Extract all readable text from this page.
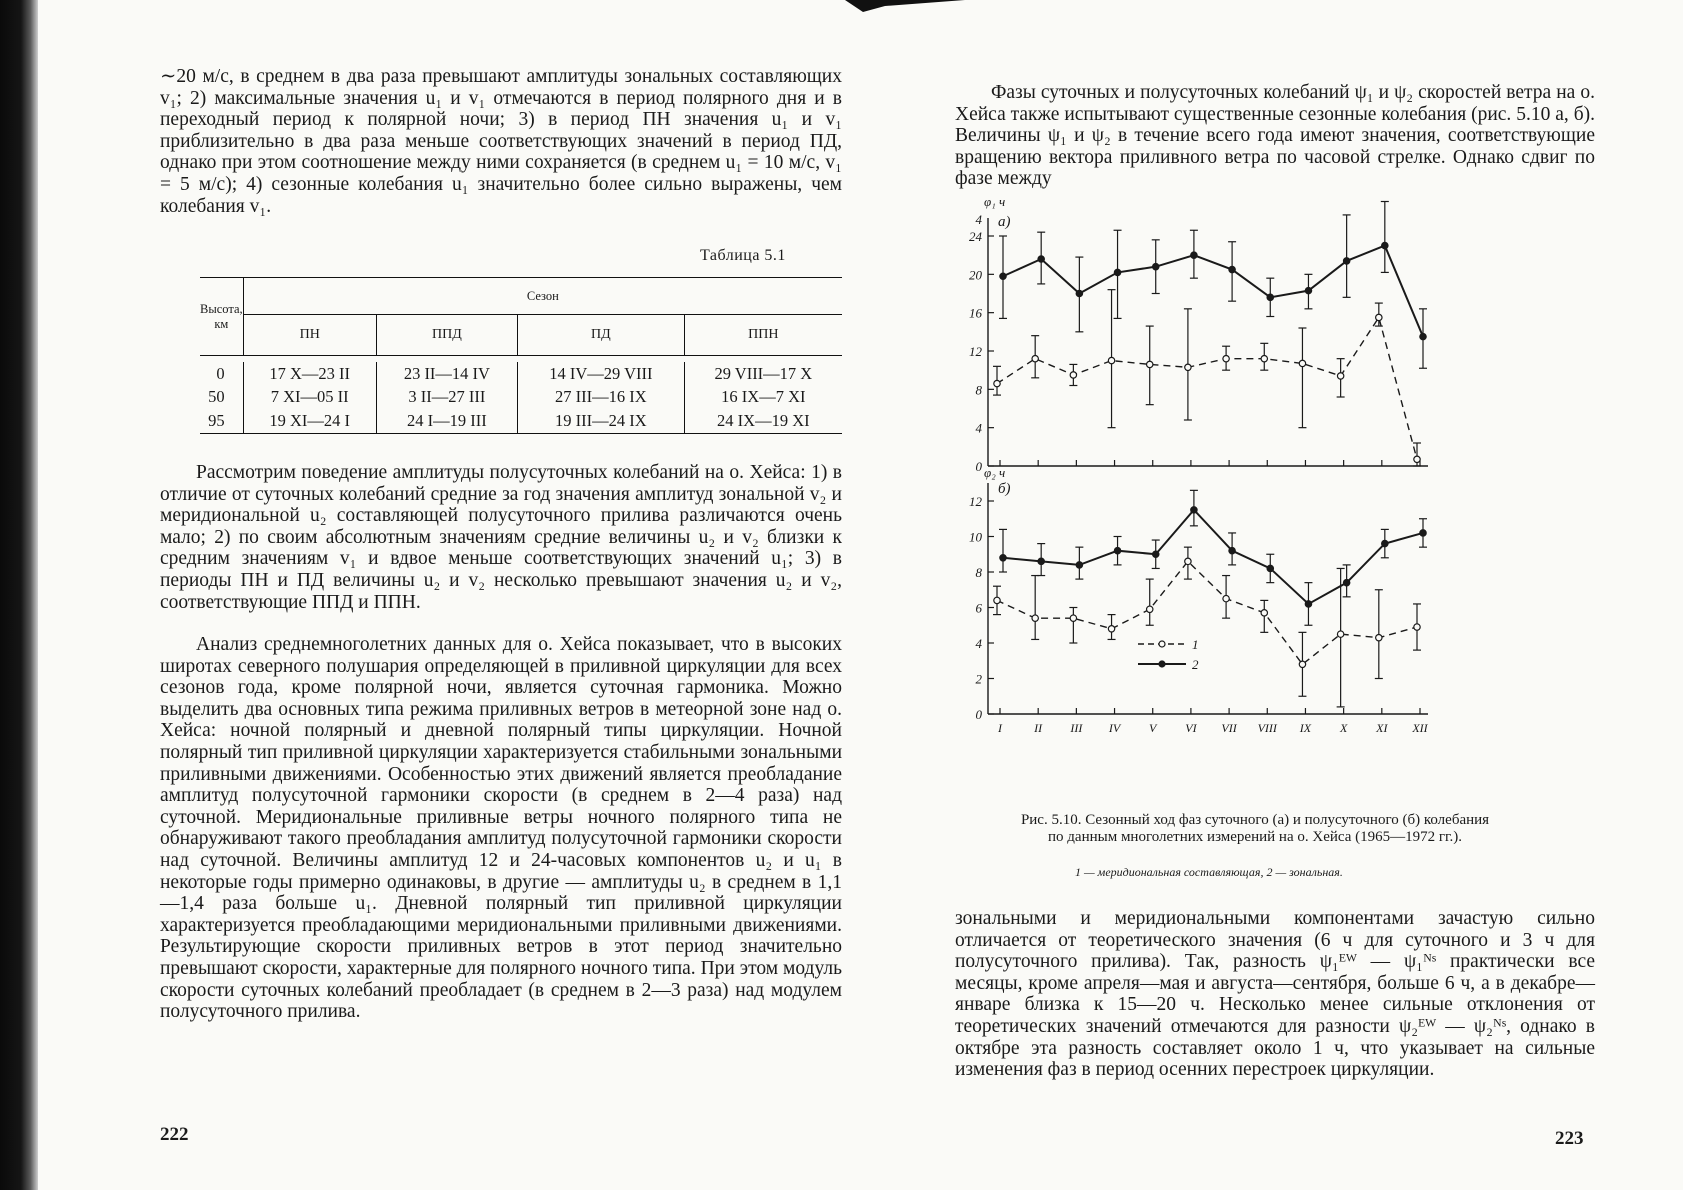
∼20 м/с, в среднем в два раза превышают амплитуды зональных составляющих v₁; 2) максимальные значения u₁ и v₁ отмечаются в период полярного дня и в переходный период к полярной ночи; 3) в период ПН значения u₁ и v₁ приблизительно в два раза меньше соответствующих значений в период ПД, однако при этом соотношение между ними сохраняется (в среднем u₁ = 10 м/с, v₁ = 5 м/с); 4) сезонные колебания u₁ значительно более сильно выражены, чем колебания v₁.

Таблица 5.1
Высота, км	Сезон			
	ПН	ППД	ПД	ППН

0	17 X—23 II	23 II—14 IV	14 IV—29 VIII	29 VIII—17 X
50	7 XI—05 II	3 II—27 III	27 III—16 IX	16 IX—7 XI
95	19 XI—24 I	24 I—19 III	19 III—24 IX	24 IX—19 XI

Рассмотрим поведение амплитуды полусуточных колебаний на о. Хейса: 1) в отличие от суточных колебаний средние за год значения амплитуд зональной v₂ и меридиональной u₂ составляющей полусуточного прилива различаются очень мало; 2) по своим абсолютным значениям средние величины u₂ и v₂ близки к средним значениям v₁ и вдвое меньше соответствующих значений u₁; 3) в периоды ПН и ПД величины u₂ и v₂ несколько превышают значения u₂ и v₂, соответствующие ППД и ППН.

Анализ среднемноголетних данных для о. Хейса показывает, что в высоких широтах северного полушария определяющей в приливной циркуляции для всех сезонов года, кроме полярной ночи, является суточная гармоника. Можно выделить два основных типа режима приливных ветров в метеорной зоне над о. Хейса: ночной полярный и дневной полярный типы циркуляции. Ночной полярный тип приливной циркуляции характеризуется стабильными зональными приливными движениями. Особенностью этих движений является преобладание амплитуд полусуточной гармоники скорости (в среднем в 2—4 раза) над суточной. Меридиональные приливные ветры ночного полярного типа не обнаруживают такого преобладания амплитуд полусуточной гармоники скорости над суточной. Величины амплитуд 12 и 24-часовых компонентов u₂ и u₁ в некоторые годы примерно одинаковы, в другие — амплитуды u₂ в среднем в 1,1—1,4 раза больше u₁. Дневной полярный тип приливной циркуляции характеризуется преобладающими меридиональными приливными движениями. Результирующие скорости приливных ветров в этот период значительно превышают скорости, характерные для полярного ночного типа. При этом модуль скорости суточных колебаний преобладает (в среднем в 2—3 раза) над модулем полусуточного прилива.

222

Фазы суточных и полусуточных колебаний ψ₁ и ψ₂ скоростей ветра на о. Хейса также испытывают существенные сезонные колебания (рис. 5.10 а, б). Величины ψ₁ и ψ₂ в течение всего года имеют значения, соответствующие вращению вектора приливного ветра по часовой стрелке. Однако сдвиг по фазе между

зональными и меридиональными компонентами зачастую сильно отличается от теоретического значения (6 ч для суточного и 3 ч для полусуточного прилива). Так, разность ψ₁ᴱᵂ — ψ₁ᴺˢ практически все месяцы, кроме апреля—мая и августа—сентября, больше 6 ч, а в декабре—январе близка к 15—20 ч. Несколько менее сильные отклонения от теоретических значений отмечаются для разности ψ₂ᴱᵂ — ψ₂ᴺˢ, однако в октябре эта разность составляет около 1 ч, что указывает на сильные изменения фаз в период осенних перестроек циркуляции.

223
0
4
8
12
16
20
24
4
φ₁ ч
а)
0
2
4
6
8
10
12
φ₂ ч
б)
I	II III IV V VI VII VIII IX X XI XII
1
2
Рис. 5.10. Сезонный ход фаз суточного (а) и полусуточного (б) колебания по данным многолетних измерений на о. Хейса (1965—1972 гг.).
1 — меридиональная составляющая, 2 — зональная.
